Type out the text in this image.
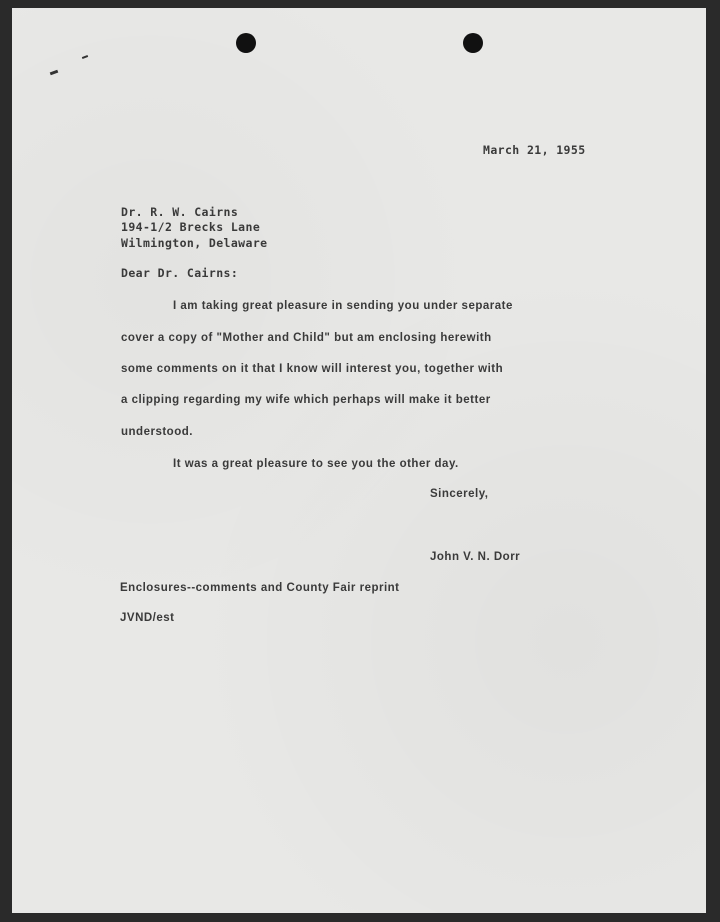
March 21, 1955
Dr. R. W. Cairns
194-1/2 Brecks Lane
Wilmington, Delaware
Dear Dr. Cairns:
I am taking great pleasure in sending you under separate
cover a copy of "Mother and Child" but am enclosing herewith
some comments on it that I know will interest you, together with
a clipping regarding my wife which perhaps will make it better
understood.
It was a great pleasure to see you the other day.
Sincerely,
John V. N. Dorr
Enclosures--comments and County Fair reprint
JVND/est
